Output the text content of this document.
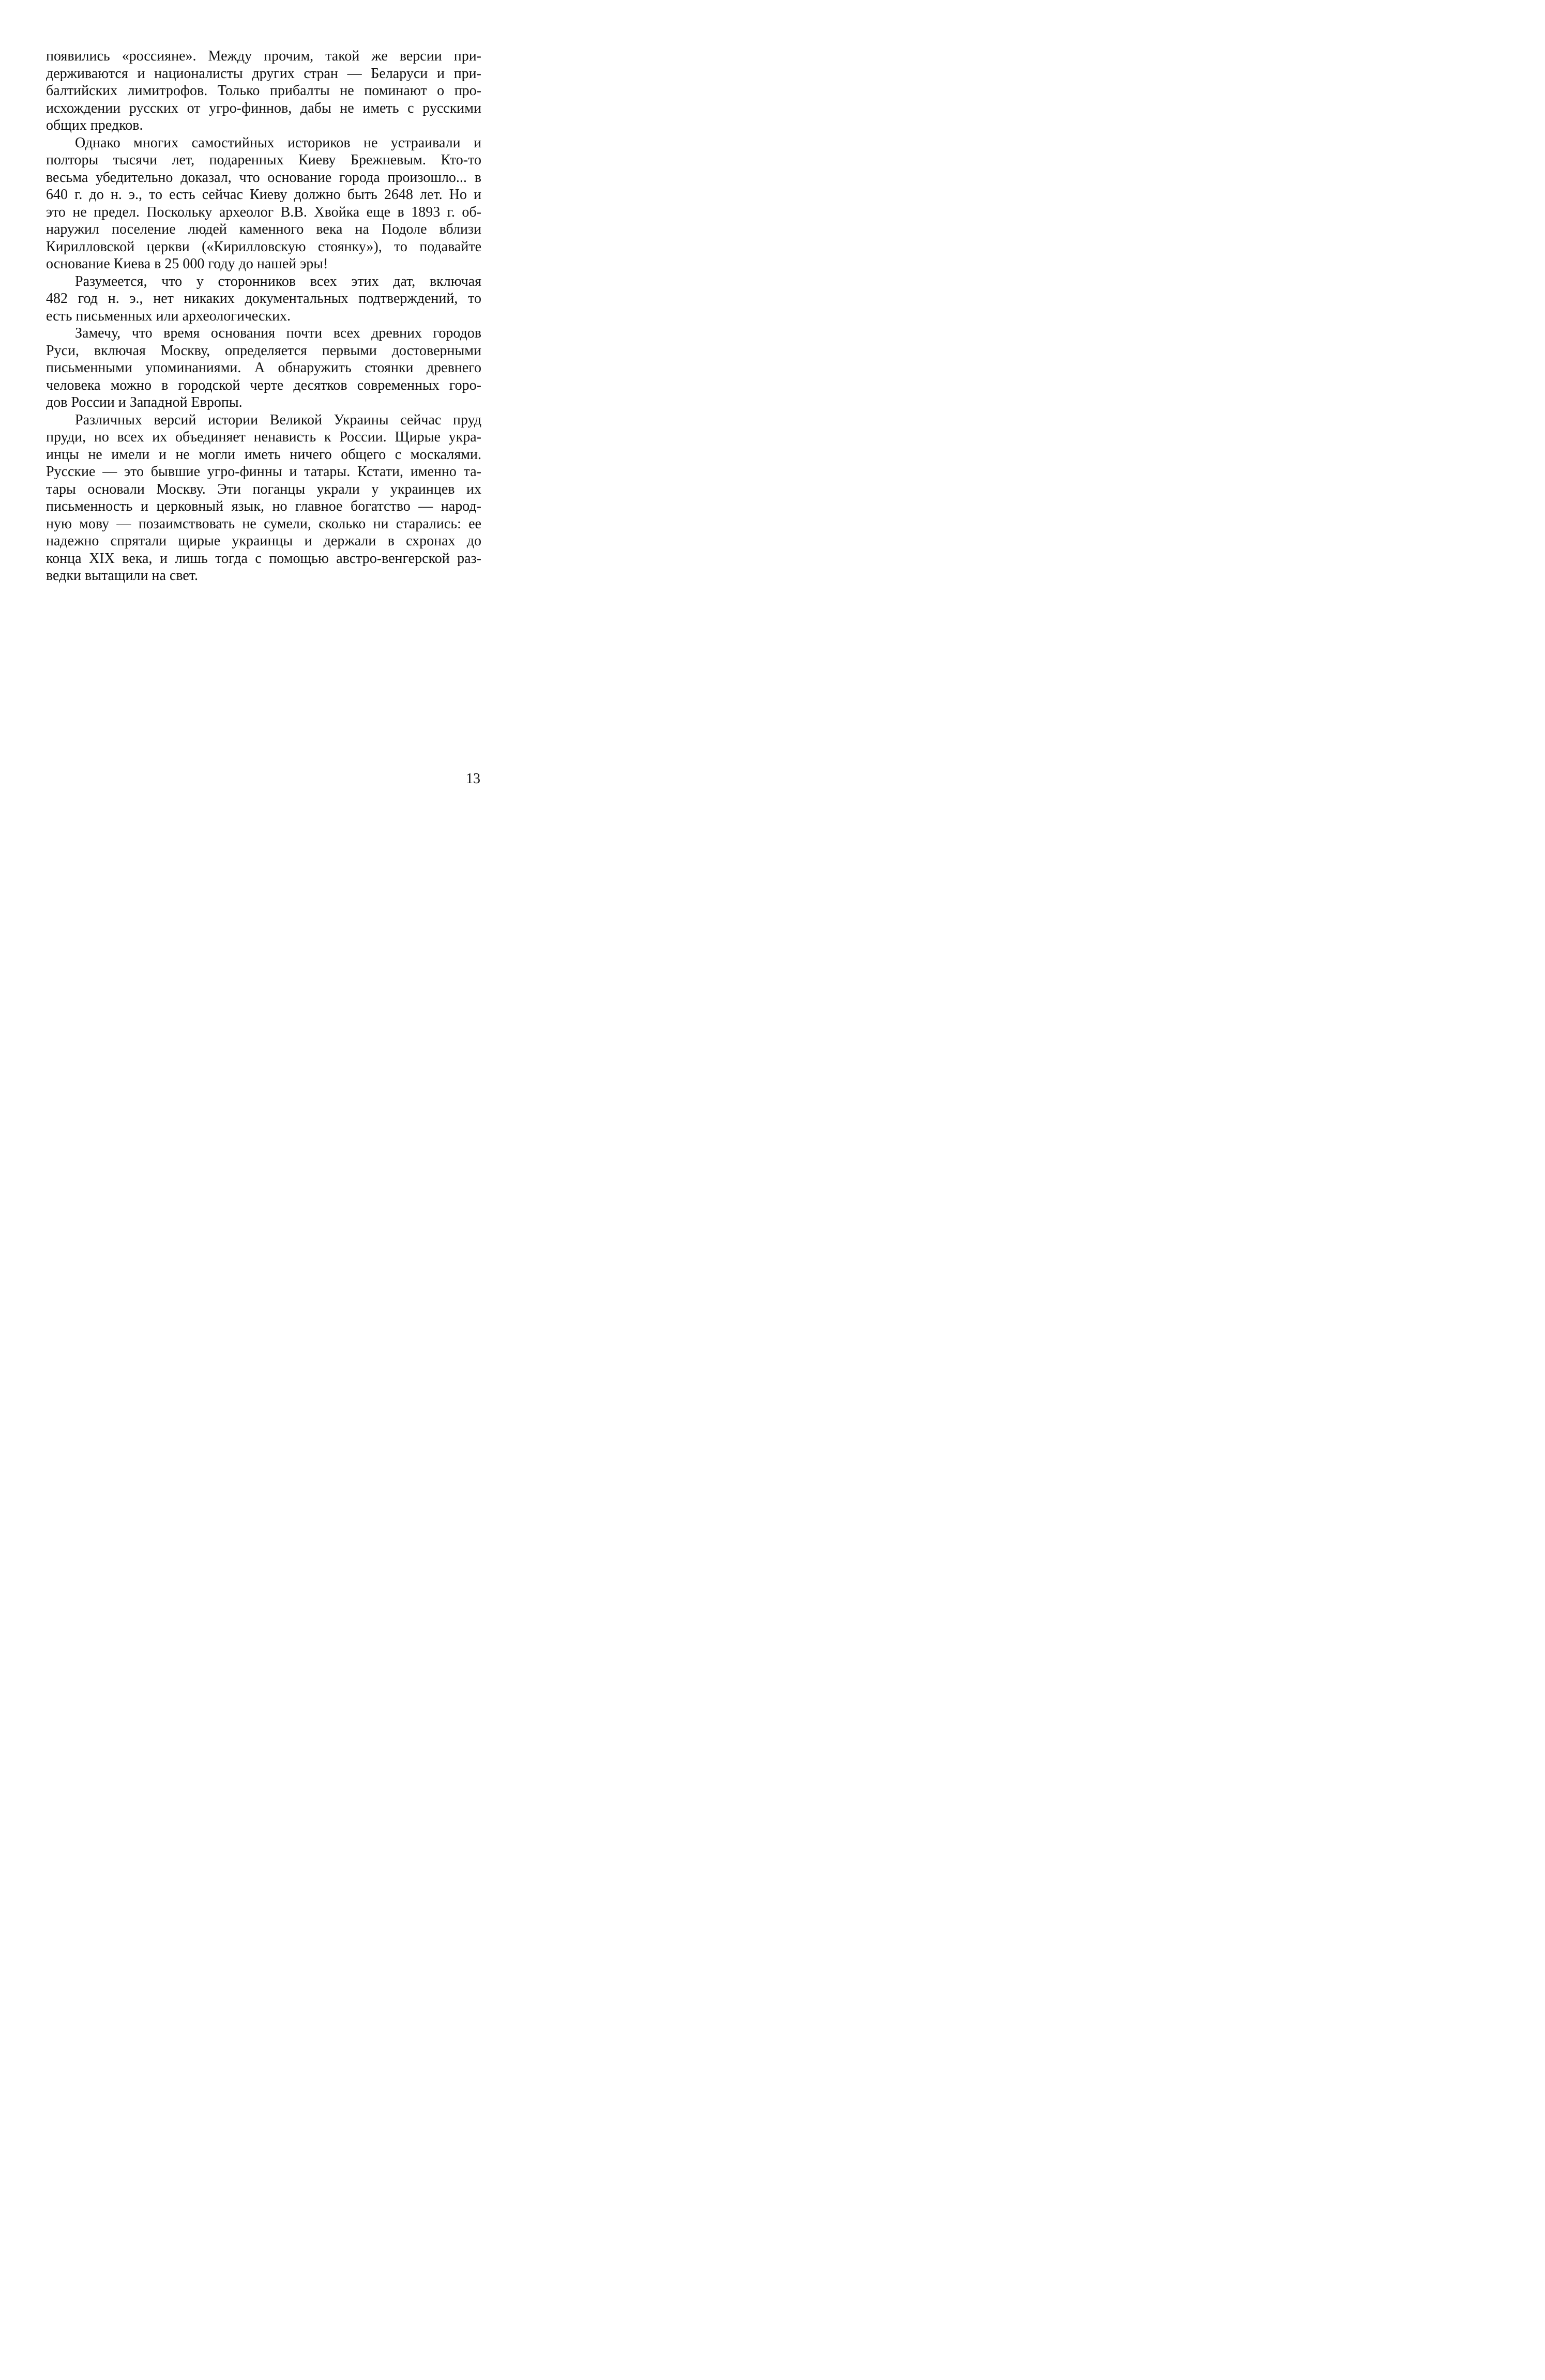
появились «россияне». Между прочим, такой же версии при-
держиваются и националисты других стран — Беларуси и при-
балтийских лимитрофов. Только прибалты не поминают о про-
исхождении русских от угро-финнов, дабы не иметь с русскими
общих предков.

Однако многих самостийных историков не устраивали и
полторы тысячи лет, подаренных Киеву Брежневым. Кто-то
весьма убедительно доказал, что основание города произошло... в
640 г. до н. э., то есть сейчас Киеву должно быть 2648 лет. Но и
это не предел. Поскольку археолог В.В. Хвойка еще в 1893 г. об-
наружил поселение людей каменного века на Подоле вблизи
Кирилловской церкви («Кирилловскую стоянку»), то подавайте
основание Киева в 25 000 году до нашей эры!

Разумеется, что у сторонников всех этих дат, включая
482 год н. э., нет никаких документальных подтверждений, то
есть письменных или археологических.

Замечу, что время основания почти всех древних городов
Руси, включая Москву, определяется первыми достоверными
письменными упоминаниями. А обнаружить стоянки древнего
человека можно в городской черте десятков современных горо-
дов России и Западной Европы.

Различных версий истории Великой Украины сейчас пруд
пруди, но всех их объединяет ненависть к России. Щирые укра-
инцы не имели и не могли иметь ничего общего с москалями.
Русские — это бывшие угро-финны и татары. Кстати, именно та-
тары основали Москву. Эти поганцы украли у украинцев их
письменность и церковный язык, но главное богатство — народ-
ную мову — позаимствовать не сумели, сколько ни старались: ее
надежно спрятали щирые украинцы и держали в схронах до
конца XIX века, и лишь тогда с помощью австро-венгерской раз-
ведки вытащили на свет.

13
